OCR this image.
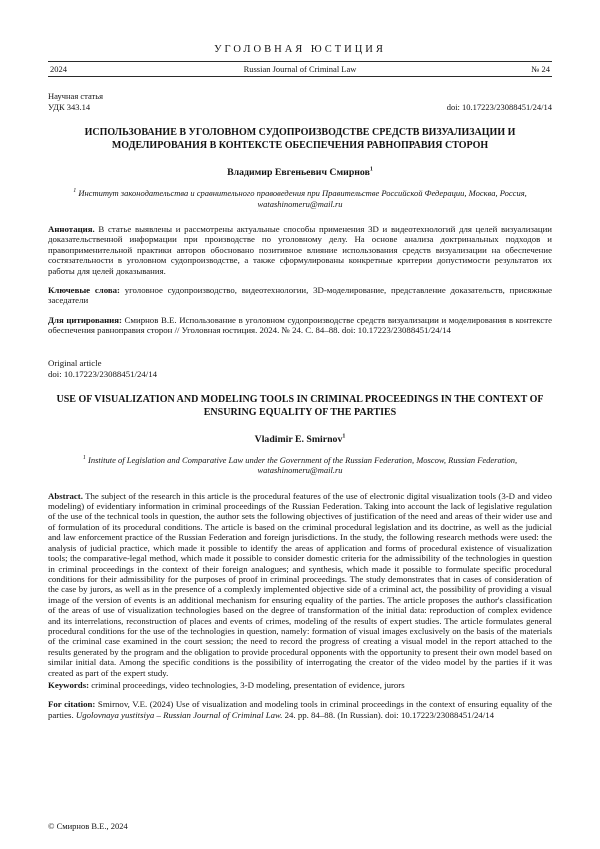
УГОЛОВНАЯ ЮСТИЦИЯ
2024	Russian Journal of Criminal Law	№ 24
Научная статья
УДК 343.14	doi: 10.17223/23088451/24/14
ИСПОЛЬЗОВАНИЕ В УГОЛОВНОМ СУДОПРОИЗВОДСТВЕ СРЕДСТВ ВИЗУАЛИЗАЦИИ И МОДЕЛИРОВАНИЯ В КОНТЕКСТЕ ОБЕСПЕЧЕНИЯ РАВНОПРАВИЯ СТОРОН
Владимир Евгеньевич Смирнов$^1$
$^1$ Институт законодательства и сравнительного правоведения при Правительстве Российской Федерации, Москва, Россия, watashinomeru@mail.ru

Аннотация. В статье выявлены и рассмотрены актуальные способы применения 3D и видеотехнологий для целей визуализации доказательственной информации при производстве по уголовному делу. На основе анализа доктринальных подходов и правоприменительной практики авторов обосновано позитивное влияние использования средств визуализации на обеспечение состязательности в уголовном судопроизводстве, а также сформулированы конкретные критерии допустимости результатов их работы для целей доказывания.

Ключевые слова: уголовное судопроизводство, видеотехнологии, 3D-моделирование, представление доказательств, присяжные заседатели

Для цитирования: Смирнов В.Е. Использование в уголовном судопроизводстве средств визуализации и моделирования в контексте обеспечения равноправия сторон // Уголовная юстиция. 2024. № 24. С. 84–88. doi: 10.17223/23088451/24/14

Original article
doi: 10.17223/23088451/24/14
USE OF VISUALIZATION AND MODELING TOOLS IN CRIMINAL PROCEEDINGS IN THE CONTEXT OF ENSURING EQUALITY OF THE PARTIES
Vladimir E. Smirnov$^1$
$^1$ Institute of Legislation and Comparative Law under the Government of the Russian Federation, Moscow, Russian Federation, watashinomeru@mail.ru

Abstract. The subject of the research in this article is the procedural features of the use of electronic digital visualization tools (3-D and video modeling) of evidentiary information in criminal proceedings of the Russian Federation. Taking into account the lack of legislative regulation of the use of the technical tools in question, the author sets the following objectives of justification of the need and areas of their wider use and of formulation of its procedural conditions. The article is based on the criminal procedural legislation and its doctrine, as well as the judicial and law enforcement practice of the Russian Federation and foreign jurisdictions. In the study, the following research methods were used: the analysis of judicial practice, which made it possible to identify the areas of application and forms of procedural existence of visualization tools; the comparative-legal method, which made it possible to consider domestic criteria for the admissibility of the technologies in question in criminal proceedings in the context of their foreign analogues; and synthesis, which made it possible to formulate specific procedural conditions for their admissibility for the purposes of proof in criminal proceedings. The study demonstrates that in cases of consideration of the case by jurors, as well as in the presence of a complexly implemented objective side of a criminal act, the possibility of providing a visual image of the version of events is an additional mechanism for ensuring equality of the parties. The article proposes the author's classification of the areas of use of visualization technologies based on the degree of transformation of the initial data: reproduction of complex evidence and its interrelations, reconstruction of places and events of crimes, modeling of the results of expert studies. The article formulates general procedural conditions for the use of the technologies in question, namely: formation of visual images exclusively on the basis of the materials of the criminal case examined in the court session; the need to record the progress of creating a visual model in the report attached to the results generated by the program and the obligation to provide procedural opponents with the opportunity to present their own model based on similar initial data. Among the specific conditions is the possibility of interrogating the creator of the video model by the parties if it was created as part of the expert study.

Keywords: criminal proceedings, video technologies, 3-D modeling, presentation of evidence, jurors

For citation: Smirnov, V.E. (2024) Use of visualization and modeling tools in criminal proceedings in the context of ensuring equality of the parties. Ugolovnaya yustitsiya – Russian Journal of Criminal Law. 24. pp. 84–88. (In Russian). doi: 10.17223/23088451/24/14

© Смирнов В.Е., 2024
